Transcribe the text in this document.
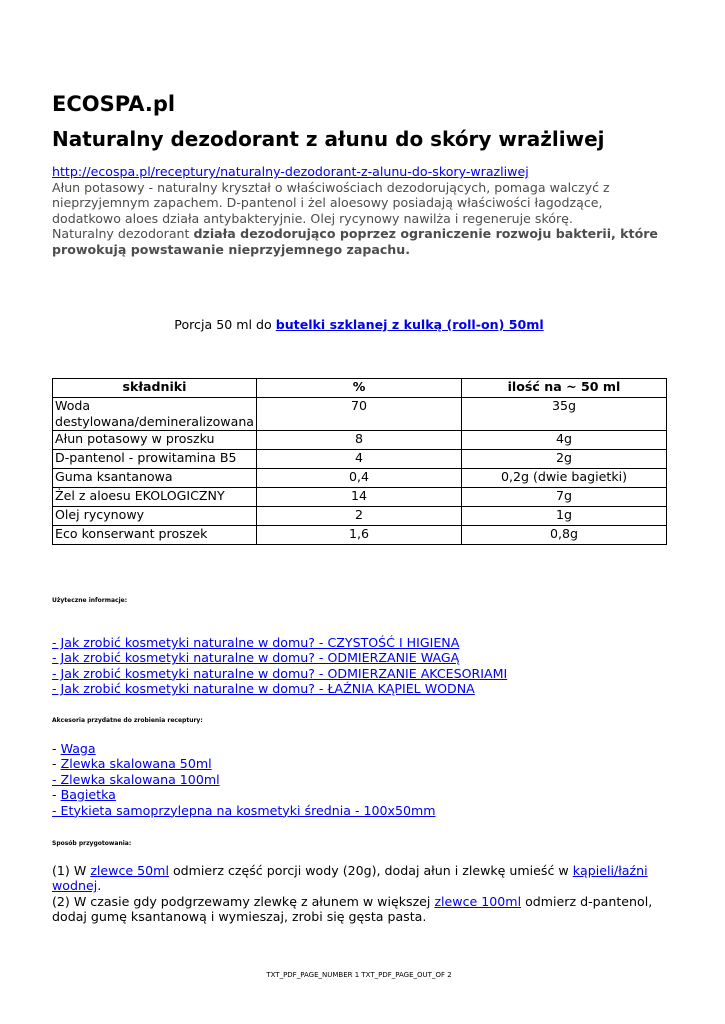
ECOSPA.pl
Naturalny dezodorant z ałunu do skóry wrażliwej
http://ecospa.pl/receptury/naturalny-dezodorant-z-alunu-do-skory-wrazliwej
Ałun potasowy - naturalny kryształ o właściwościach dezodorujących, pomaga walczyć z nieprzyjemnym zapachem. D-pantenol i żel aloesowy posiadają właściwości łagodzące, dodatkowo aloes działa antybakteryjnie. Olej rycynowy nawilża i regeneruje skórę.
Naturalny dezodorant działa dezodorująco poprzez ograniczenie rozwoju bakterii, które prowokują powstawanie nieprzyjemnego zapachu.
Porcja 50 ml do butelki szklanej z kulką (roll-on) 50ml
składniki	%	ilość na ~ 50 ml
Woda destylowana/demineralizowana	70	35g
Ałun potasowy w proszku	8	4g
D-pantenol - prowitamina B5	4	2g
Guma ksantanowa	0,4	0,2g (dwie bagietki)
Żel z aloesu EKOLOGICZNY	14	7g
Olej rycynowy	2	1g
Eco konserwant proszek	1,6	0,8g

Użyteczne informacje:

- Jak zrobić kosmetyki naturalne w domu? - CZYSTOŚĆ I HIGIENA
- Jak zrobić kosmetyki naturalne w domu? - ODMIERZANIE WAGĄ
- Jak zrobić kosmetyki naturalne w domu? - ODMIERZANIE AKCESORIAMI
- Jak zrobić kosmetyki naturalne w domu? - ŁAŹNIA KĄPIEL WODNA

Akcesoria przydatne do zrobienia receptury:

- Waga
- Zlewka skalowana 50ml
- Zlewka skalowana 100ml
- Bagietka
- Etykieta samoprzylepna na kosmetyki średnia - 100x50mm

Sposób przygotowania:

(1) W zlewce 50ml odmierz część porcji wody (20g), dodaj ałun i zlewkę umieść w kąpieli/łaźni wodnej.

(2) W czasie gdy podgrzewamy zlewkę z ałunem w większej zlewce 100ml odmierz d-pantenol, dodaj gumę ksantanową i wymieszaj, zrobi się gęsta pasta.

TXT_PDF_PAGE_NUMBER 1 TXT_PDF_PAGE_OUT_OF 2
